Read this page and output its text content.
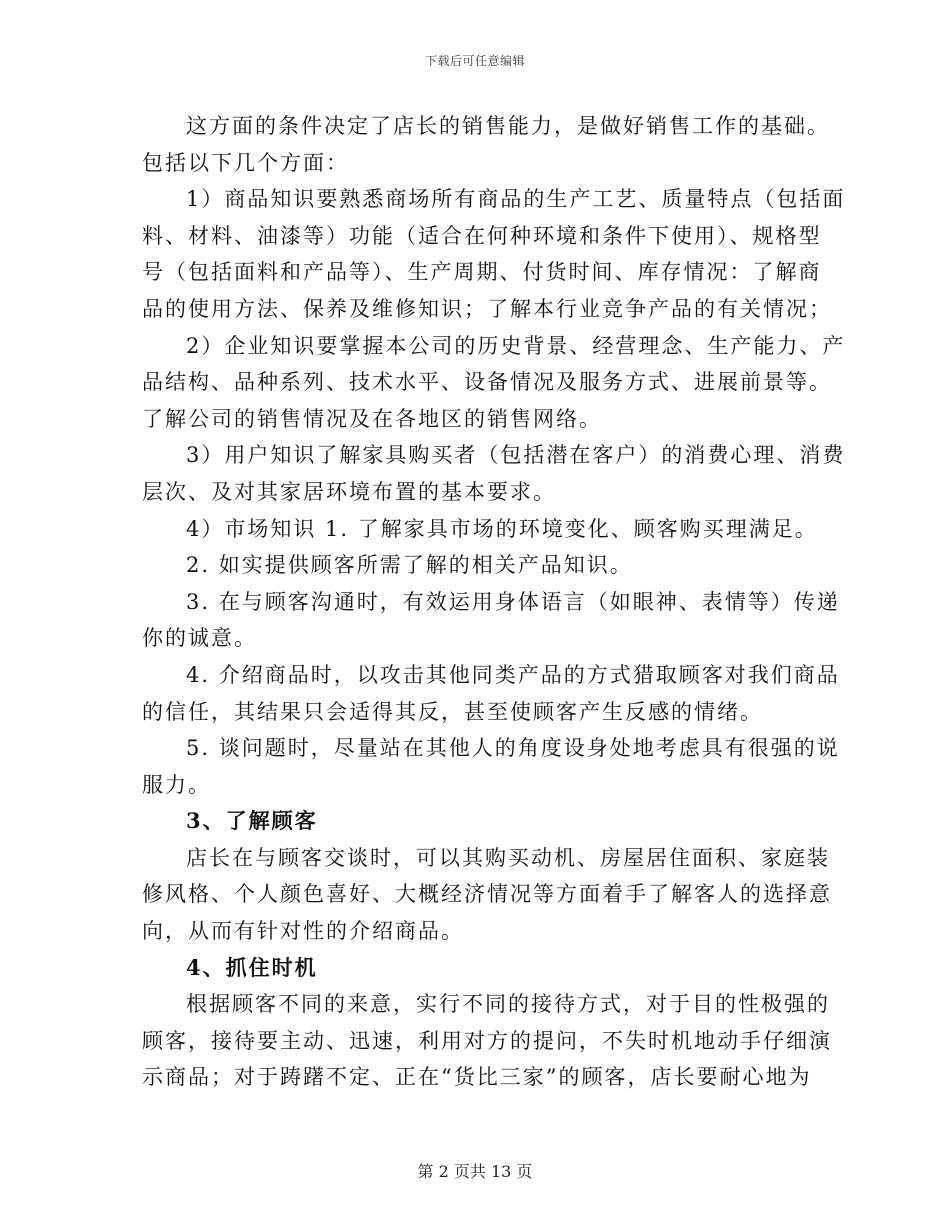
下载后可任意编辑
这方面的条件决定了店长的销售能力，是做好销售工作的基础。
包括以下几个方面：
1）商品知识要熟悉商场所有商品的生产工艺、质量特点（包括面
料、材料、油漆等）功能（适合在何种环境和条件下使用）、规格型
号（包括面料和产品等）、生产周期、付货时间、库存情况：了解商
品的使用方法、保养及维修知识；了解本行业竞争产品的有关情况；
2）企业知识要掌握本公司的历史背景、经营理念、生产能力、产
品结构、品种系列、技术水平、设备情况及服务方式、进展前景等。
了解公司的销售情况及在各地区的销售网络。
3）用户知识了解家具购买者（包括潜在客户）的消费心理、消费
层次、及对其家居环境布置的基本要求。
4）市场知识 1. 了解家具市场的环境变化、顾客购买理满足。
2. 如实提供顾客所需了解的相关产品知识。
3. 在与顾客沟通时，有效运用身体语言（如眼神、表情等）传递
你的诚意。
4. 介绍商品时，以攻击其他同类产品的方式猎取顾客对我们商品
的信任，其结果只会适得其反，甚至使顾客产生反感的情绪。
5. 谈问题时，尽量站在其他人的角度设身处地考虑具有很强的说
服力。
3、了解顾客
店长在与顾客交谈时，可以其购买动机、房屋居住面积、家庭装
修风格、个人颜色喜好、大概经济情况等方面着手了解客人的选择意
向，从而有针对性的介绍商品。
4、抓住时机
根据顾客不同的来意，实行不同的接待方式，对于目的性极强的
顾客，接待要主动、迅速，利用对方的提问，不失时机地动手仔细演
示商品；对于踌躇不定、正在“货比三家”的顾客，店长要耐心地为
第 2 页共 13 页
